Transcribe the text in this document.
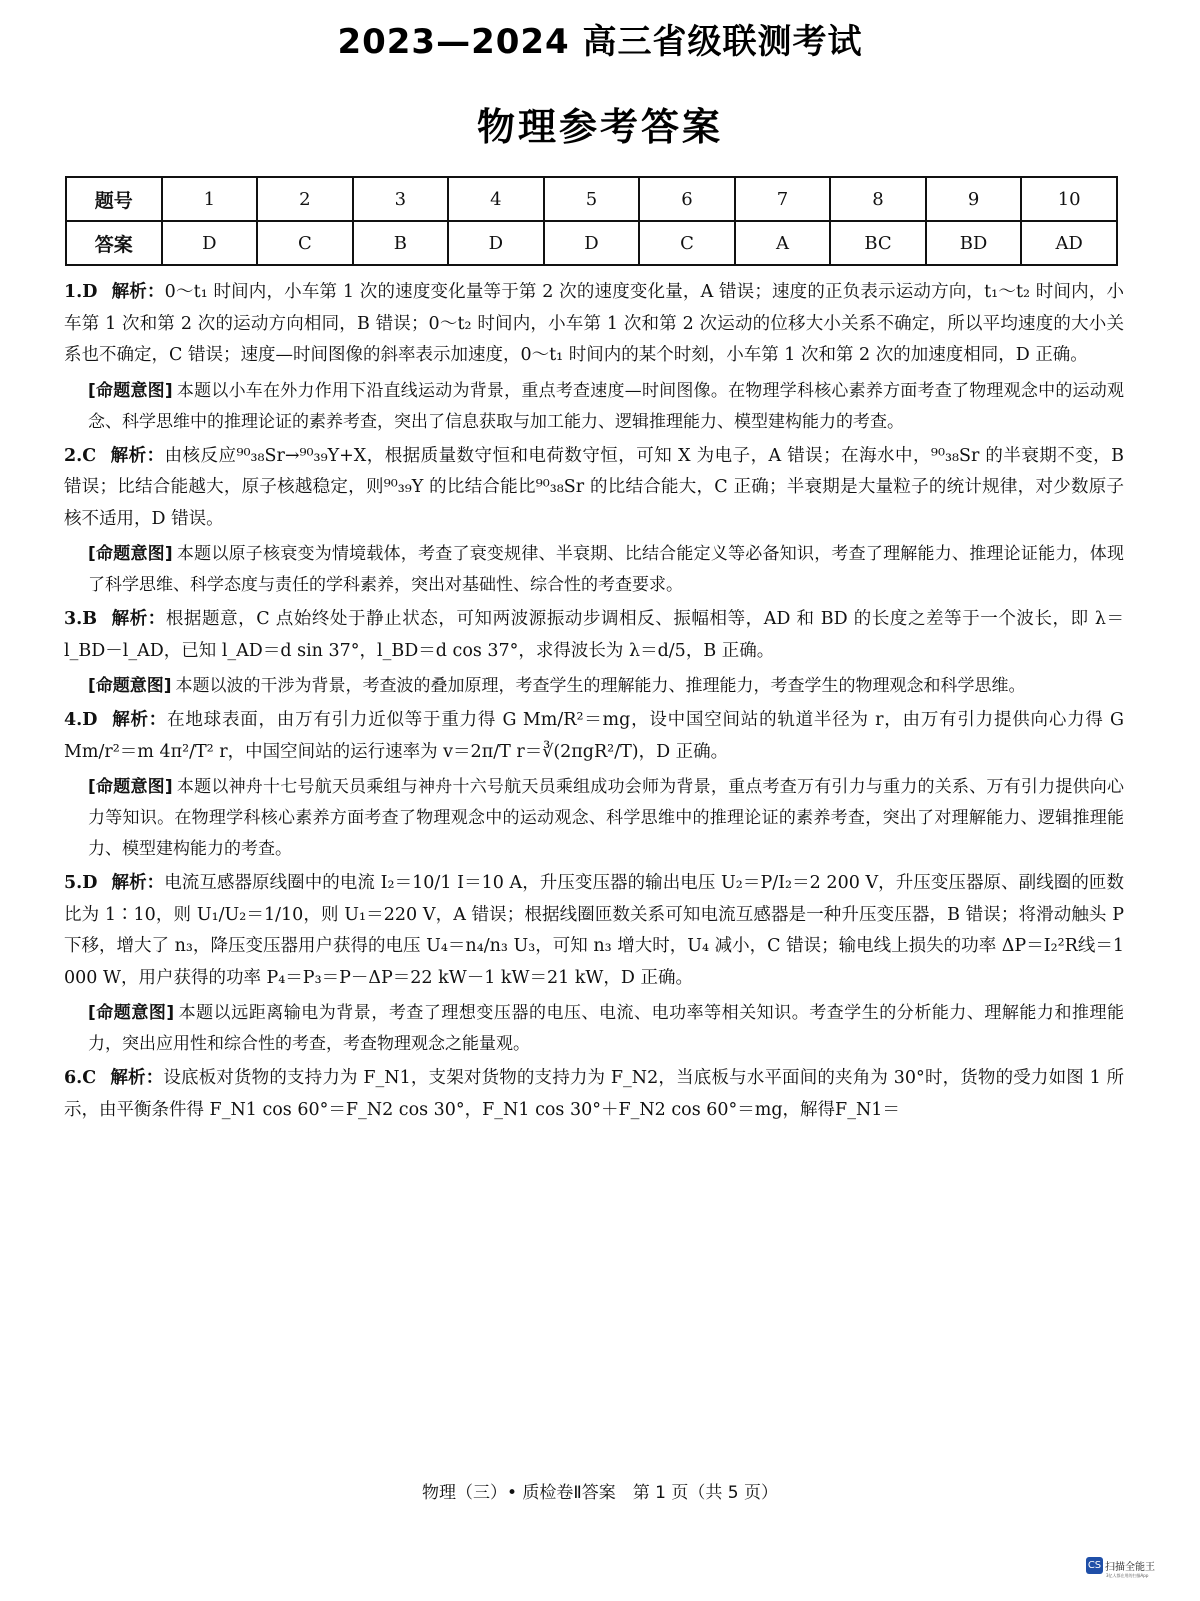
2023—2024 高三省级联测考试
物理参考答案
题号	1	2	3	4	5	6	7	8	9	10
答案	D	C	B	D	D	C	A	BC	BD	AD

1.D 解析：0～t₁ 时间内，小车第 1 次的速度变化量等于第 2 次的速度变化量，A 错误；速度的正负表示运动方向，t₁～t₂ 时间内，小车第 1 次和第 2 次的运动方向相同，B 错误；0～t₂ 时间内，小车第 1 次和第 2 次运动的位移大小关系不确定，所以平均速度的大小关系也不确定，C 错误；速度—时间图像的斜率表示加速度，0～t₁ 时间内的某个时刻，小车第 1 次和第 2 次的加速度相同，D 正确。

[命题意图] 本题以小车在外力作用下沿直线运动为背景，重点考查速度—时间图像。在物理学科核心素养方面考查了物理观念中的运动观念、科学思维中的推理论证的素养考查，突出了信息获取与加工能力、逻辑推理能力、模型建构能力的考查。

2.C 解析：由核反应⁹⁰₃₈Sr→⁹⁰₃₉Y+X，根据质量数守恒和电荷数守恒，可知 X 为电子，A 错误；在海水中，⁹⁰₃₈Sr 的半衰期不变，B 错误；比结合能越大，原子核越稳定，则⁹⁰₃₉Y 的比结合能比⁹⁰₃₈Sr 的比结合能大，C 正确；半衰期是大量粒子的统计规律，对少数原子核不适用，D 错误。

[命题意图] 本题以原子核衰变为情境载体，考查了衰变规律、半衰期、比结合能定义等必备知识，考查了理解能力、推理论证能力，体现了科学思维、科学态度与责任的学科素养，突出对基础性、综合性的考查要求。

3.B 解析：根据题意，C 点始终处于静止状态，可知两波源振动步调相反、振幅相等，AD 和 BD 的长度之差等于一个波长，即 λ＝l_BD－l_AD，已知 l_AD＝d sin 37°，l_BD＝d cos 37°，求得波长为 λ＝d/5，B 正确。

[命题意图] 本题以波的干涉为背景，考查波的叠加原理，考查学生的理解能力、推理能力，考查学生的物理观念和科学思维。

4.D 解析：在地球表面，由万有引力近似等于重力得 G Mm/R²＝mg，设中国空间站的轨道半径为 r，由万有引力提供向心力得 G Mm/r²＝m 4π²/T² r，中国空间站的运行速率为 v＝2π/T r＝∛(2πgR²/T)，D 正确。

[命题意图] 本题以神舟十七号航天员乘组与神舟十六号航天员乘组成功会师为背景，重点考查万有引力与重力的关系、万有引力提供向心力等知识。在物理学科核心素养方面考查了物理观念中的运动观念、科学思维中的推理论证的素养考查，突出了对理解能力、逻辑推理能力、模型建构能力的考查。

5.D 解析：电流互感器原线圈中的电流 I₂＝10/1 I＝10 A，升压变压器的输出电压 U₂＝P/I₂＝2 200 V，升压变压器原、副线圈的匝数比为 1∶10，则 U₁/U₂＝1/10，则 U₁＝220 V，A 错误；根据线圈匝数关系可知电流互感器是一种升压变压器，B 错误；将滑动触头 P 下移，增大了 n₃，降压变压器用户获得的电压 U₄＝n₄/n₃ U₃，可知 n₃ 增大时，U₄ 减小，C 错误；输电线上损失的功率 ΔP＝I₂²R线＝1 000 W，用户获得的功率 P₄＝P₃＝P－ΔP＝22 kW－1 kW＝21 kW，D 正确。

[命题意图] 本题以远距离输电为背景，考查了理想变压器的电压、电流、电功率等相关知识。考查学生的分析能力、理解能力和推理能力，突出应用性和综合性的考查，考查物理观念之能量观。

6.C 解析：设底板对货物的支持力为 F_N1，支架对货物的支持力为 F_N2，当底板与水平面间的夹角为 30°时，货物的受力如图 1 所示，由平衡条件得 F_N1 cos 60°＝F_N2 cos 30°，F_N1 cos 30°＋F_N2 cos 60°＝mg，解得F_N1＝

物理（三）• 质检卷Ⅱ答案　第 1 页（共 5 页）
CS 扫描全能王
3亿人都在用的扫描App
